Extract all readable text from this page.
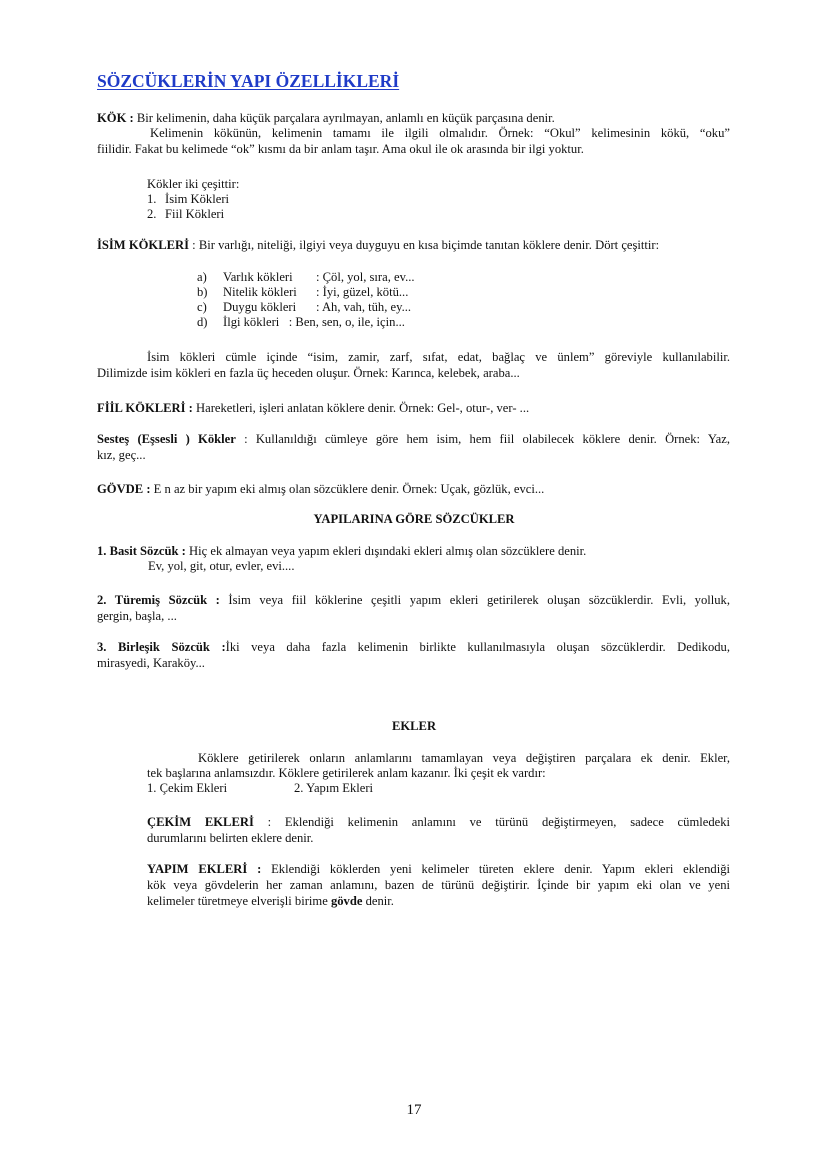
SÖZCÜKLERİN YAPI ÖZELLİKLERİ
KÖK : Bir kelimenin, daha küçük parçalara ayrılmayan, anlamlı en küçük parçasına denir.
Kelimenin kökünün, kelimenin tamamı ile ilgili olmalıdır. Örnek: “Okul” kelimesinin kökü, “oku”
fiilidir. Fakat bu kelimede “ok” kısmı da bir anlam taşır. Ama okul ile ok arasında bir ilgi yoktur.
Kökler iki çeşittir:
1. İsim Kökleri
2. Fiil Kökleri
İSİM KÖKLERİ : Bir varlığı, niteliği, ilgiyi veya duyguyu en kısa biçimde tanıtan köklere denir. Dört çeşittir:
a) Varlık kökleri : Çöl, yol, sıra, ev...
b) Nitelik kökleri : İyi, güzel, kötü...
c) Duygu kökleri : Ah, vah, tüh, ey...
d) İlgi kökleri : Ben, sen, o, ile, için...
İsim kökleri cümle içinde “isim, zamir, zarf, sıfat, edat, bağlaç ve ünlem” göreviyle kullanılabilir.
Dilimizde isim kökleri en fazla üç heceden oluşur. Örnek: Karınca, kelebek, araba...
FİİL KÖKLERİ : Hareketleri, işleri anlatan köklere denir. Örnek: Gel-, otur-, ver- ...
Sesteş (Eşsesli ) Kökler : Kullanıldığı cümleye göre hem isim, hem fiil olabilecek köklere denir. Örnek: Yaz,
kız, geç...
GÖVDE : E n az bir yapım eki almış olan sözcüklere denir. Örnek: Uçak, gözlük, evci...
YAPILARINA GÖRE SÖZCÜKLER
1. Basit Sözcük : Hiç ek almayan veya yapım ekleri dışındaki ekleri almış olan sözcüklere denir.
Ev, yol, git, otur, evler, evi....
2. Türemiş Sözcük : İsim veya fiil köklerine çeşitli yapım ekleri getirilerek oluşan sözcüklerdir. Evli, yolluk,
gergin, başla, ...
3. Birleşik Sözcük :İki veya daha fazla kelimenin birlikte kullanılmasıyla oluşan sözcüklerdir. Dedikodu,
mirasyedi, Karaköy...
EKLER
Köklere getirilerek onların anlamlarını tamamlayan veya değiştiren parçalara ek denir. Ekler,
tek başlarına anlamsızdır. Köklere getirilerek anlam kazanır. İki çeşit ek vardır:
1. Çekim Ekleri	2. Yapım Ekleri
ÇEKİM EKLERİ : Eklendiği kelimenin anlamını ve türünü değiştirmeyen, sadece cümledeki
durumlarını belirten eklere denir.
YAPIM EKLERİ : Eklendiği köklerden yeni kelimeler türeten eklere denir. Yapım ekleri eklendiği
kök veya gövdelerin her zaman anlamını, bazen de türünü değiştirir. İçinde bir yapım eki olan ve yeni
kelimeler türetmeye elverişli birime gövde denir.
17
